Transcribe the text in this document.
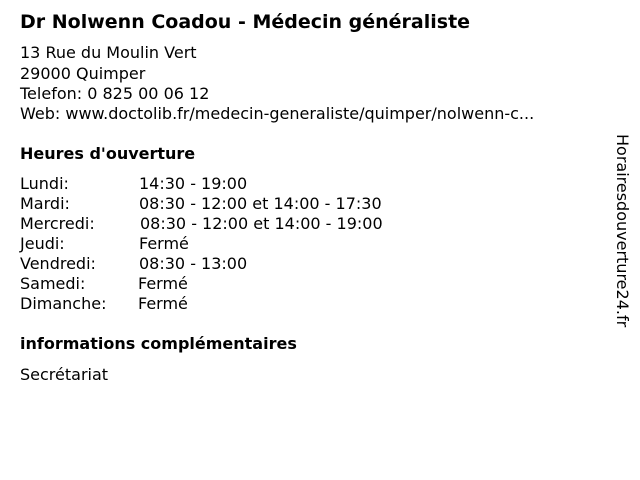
Dr Nolwenn Coadou - Médecin généraliste
13 Rue du Moulin Vert
29000 Quimper
Telefon: 0 825 00 06 12
Web: www.doctolib.fr/medecin-generaliste/quimper/nolwenn-c...
Heures d'ouverture
Lundi:	14:30 - 19:00
Mardi:	08:30 - 12:00 et 14:00 - 17:30
Mercredi:	08:30 - 12:00 et 14:00 - 19:00
Jeudi:	Fermé
Vendredi:	08:30 - 13:00
Samedi:	Fermé
Dimanche: Fermé
informations complémentaires
Secrétariat
Horairesdouverture24.fr
